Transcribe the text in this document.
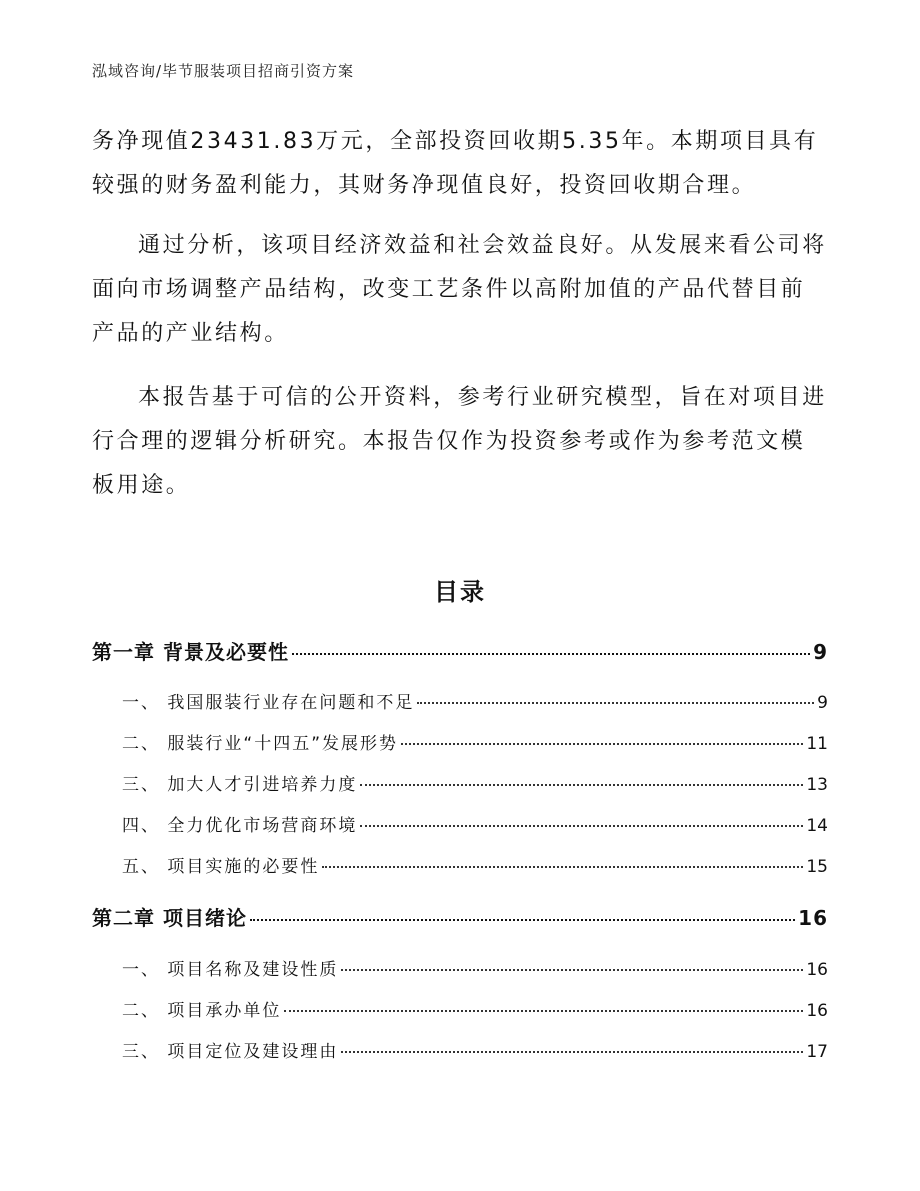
泓域咨询/毕节服装项目招商引资方案

务净现值23431.83万元，全部投资回收期5.35年。本期项目具有较强的财务盈利能力，其财务净现值良好，投资回收期合理。

通过分析，该项目经济效益和社会效益良好。从发展来看公司将面向市场调整产品结构，改变工艺条件以高附加值的产品代替目前产品的产业结构。

本报告基于可信的公开资料，参考行业研究模型，旨在对项目进行合理的逻辑分析研究。本报告仅作为投资参考或作为参考范文模板用途。

目录
第一章 背景及必要性	9
一、 我国服装行业存在问题和不足	9
二、 服装行业“十四五”发展形势	11
三、 加大人才引进培养力度	13
四、 全力优化市场营商环境	14
五、 项目实施的必要性	15
第二章 项目绪论	16
一、 项目名称及建设性质	16
二、 项目承办单位	16
三、 项目定位及建设理由	17
